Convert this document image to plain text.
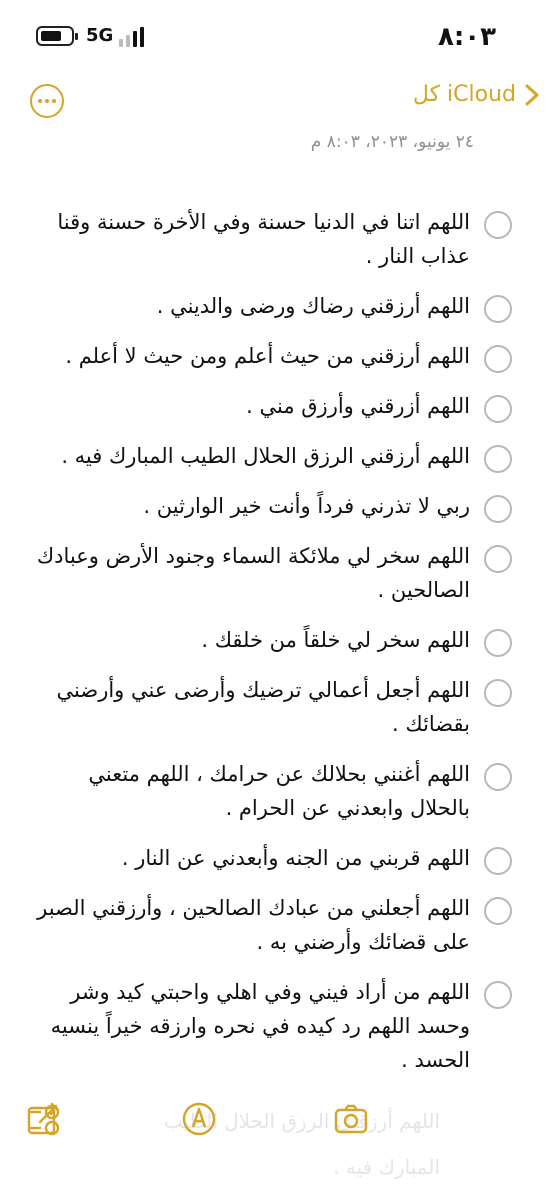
5G	٨:٠٣
كل iCloud
٢٤ يونيو، ٢٠٢٣، ٨:٠٣ م
اللهم اتنا في الدنيا حسنة وفي الأخرة حسنة وقنا عذاب النار .
اللهم أرزقني رضاك ورضى والديني .
اللهم أرزقني من حيث أعلم ومن حيث لا أعلم .
اللهم أزرقني وأرزق مني .
اللهم أرزقني الرزق الحلال الطيب المبارك فيه .
ربي لا تذرني فرداً وأنت خير الوارثين .
اللهم سخر لي ملائكة السماء وجنود الأرض وعبادك الصالحين .
اللهم سخر لي خلقاً من خلقك .
اللهم أجعل أعمالي ترضيك وأرضى عني وأرضني بقضائك .
اللهم أغنني بحلالك عن حرامك ، اللهم متعني بالحلال وابعدني عن الحرام .
اللهم قربني من الجنه وأبعدني عن النار .
اللهم أجعلني من عبادك الصالحين ، وأرزقني الصبر على قضائك وأرضني به .
اللهم من أراد فيني وفي اهلي واحبتي كيد وشر وحسد اللهم رد كيده في نحره وارزقه خيراً ينسيه الحسد .
اللهم أرزقني الرزق الحلال الطيب المبارك فيه .
